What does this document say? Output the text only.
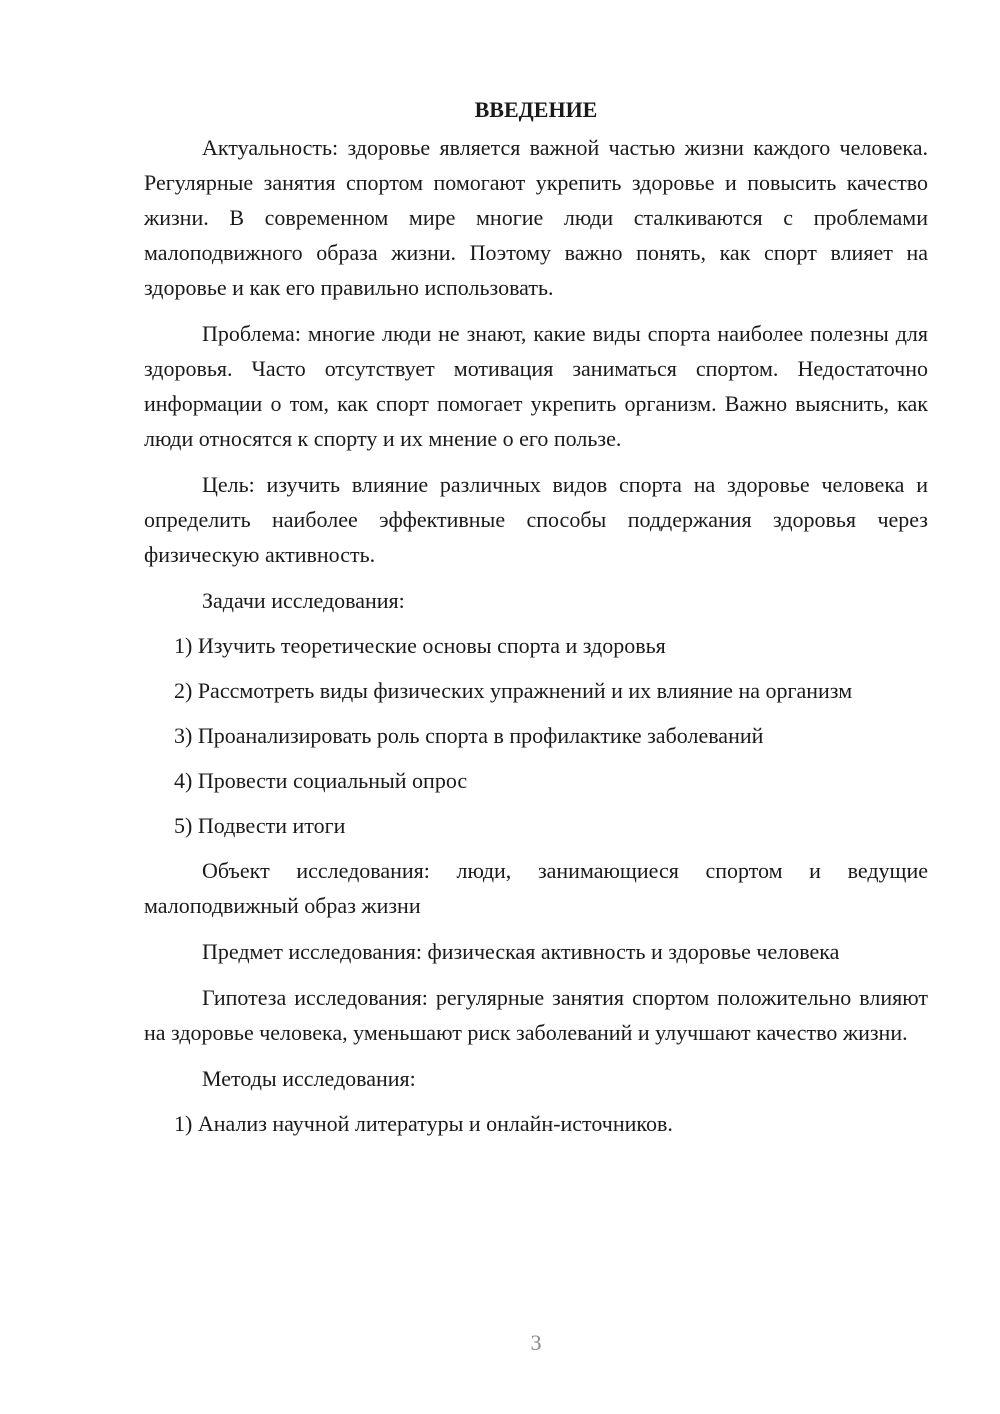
ВВЕДЕНИЕ

Актуальность: здоровье является важной частью жизни каждого человека. Регулярные занятия спортом помогают укрепить здоровье и повысить качество жизни. В современном мире многие люди сталкиваются с проблемами малоподвижного образа жизни. Поэтому важно понять, как спорт влияет на здоровье и как его правильно использовать.

Проблема: многие люди не знают, какие виды спорта наиболее полезны для здоровья. Часто отсутствует мотивация заниматься спортом. Недостаточно информации о том, как спорт помогает укрепить организм. Важно выяснить, как люди относятся к спорту и их мнение о его пользе.

Цель: изучить влияние различных видов спорта на здоровье человека и определить наиболее эффективные способы поддержания здоровья через физическую активность.

Задачи исследования:

1) Изучить теоретические основы спорта и здоровья

2) Рассмотреть виды физических упражнений и их влияние на организм

3) Проанализировать роль спорта в профилактике заболеваний

4) Провести социальный опрос

5) Подвести итоги

Объект исследования: люди, занимающиеся спортом и ведущие малоподвижный образ жизни

Предмет исследования: физическая активность и здоровье человека

Гипотеза исследования: регулярные занятия спортом положительно влияют на здоровье человека, уменьшают риск заболеваний и улучшают качество жизни.

Методы исследования:

1) Анализ научной литературы и онлайн-источников.

3
